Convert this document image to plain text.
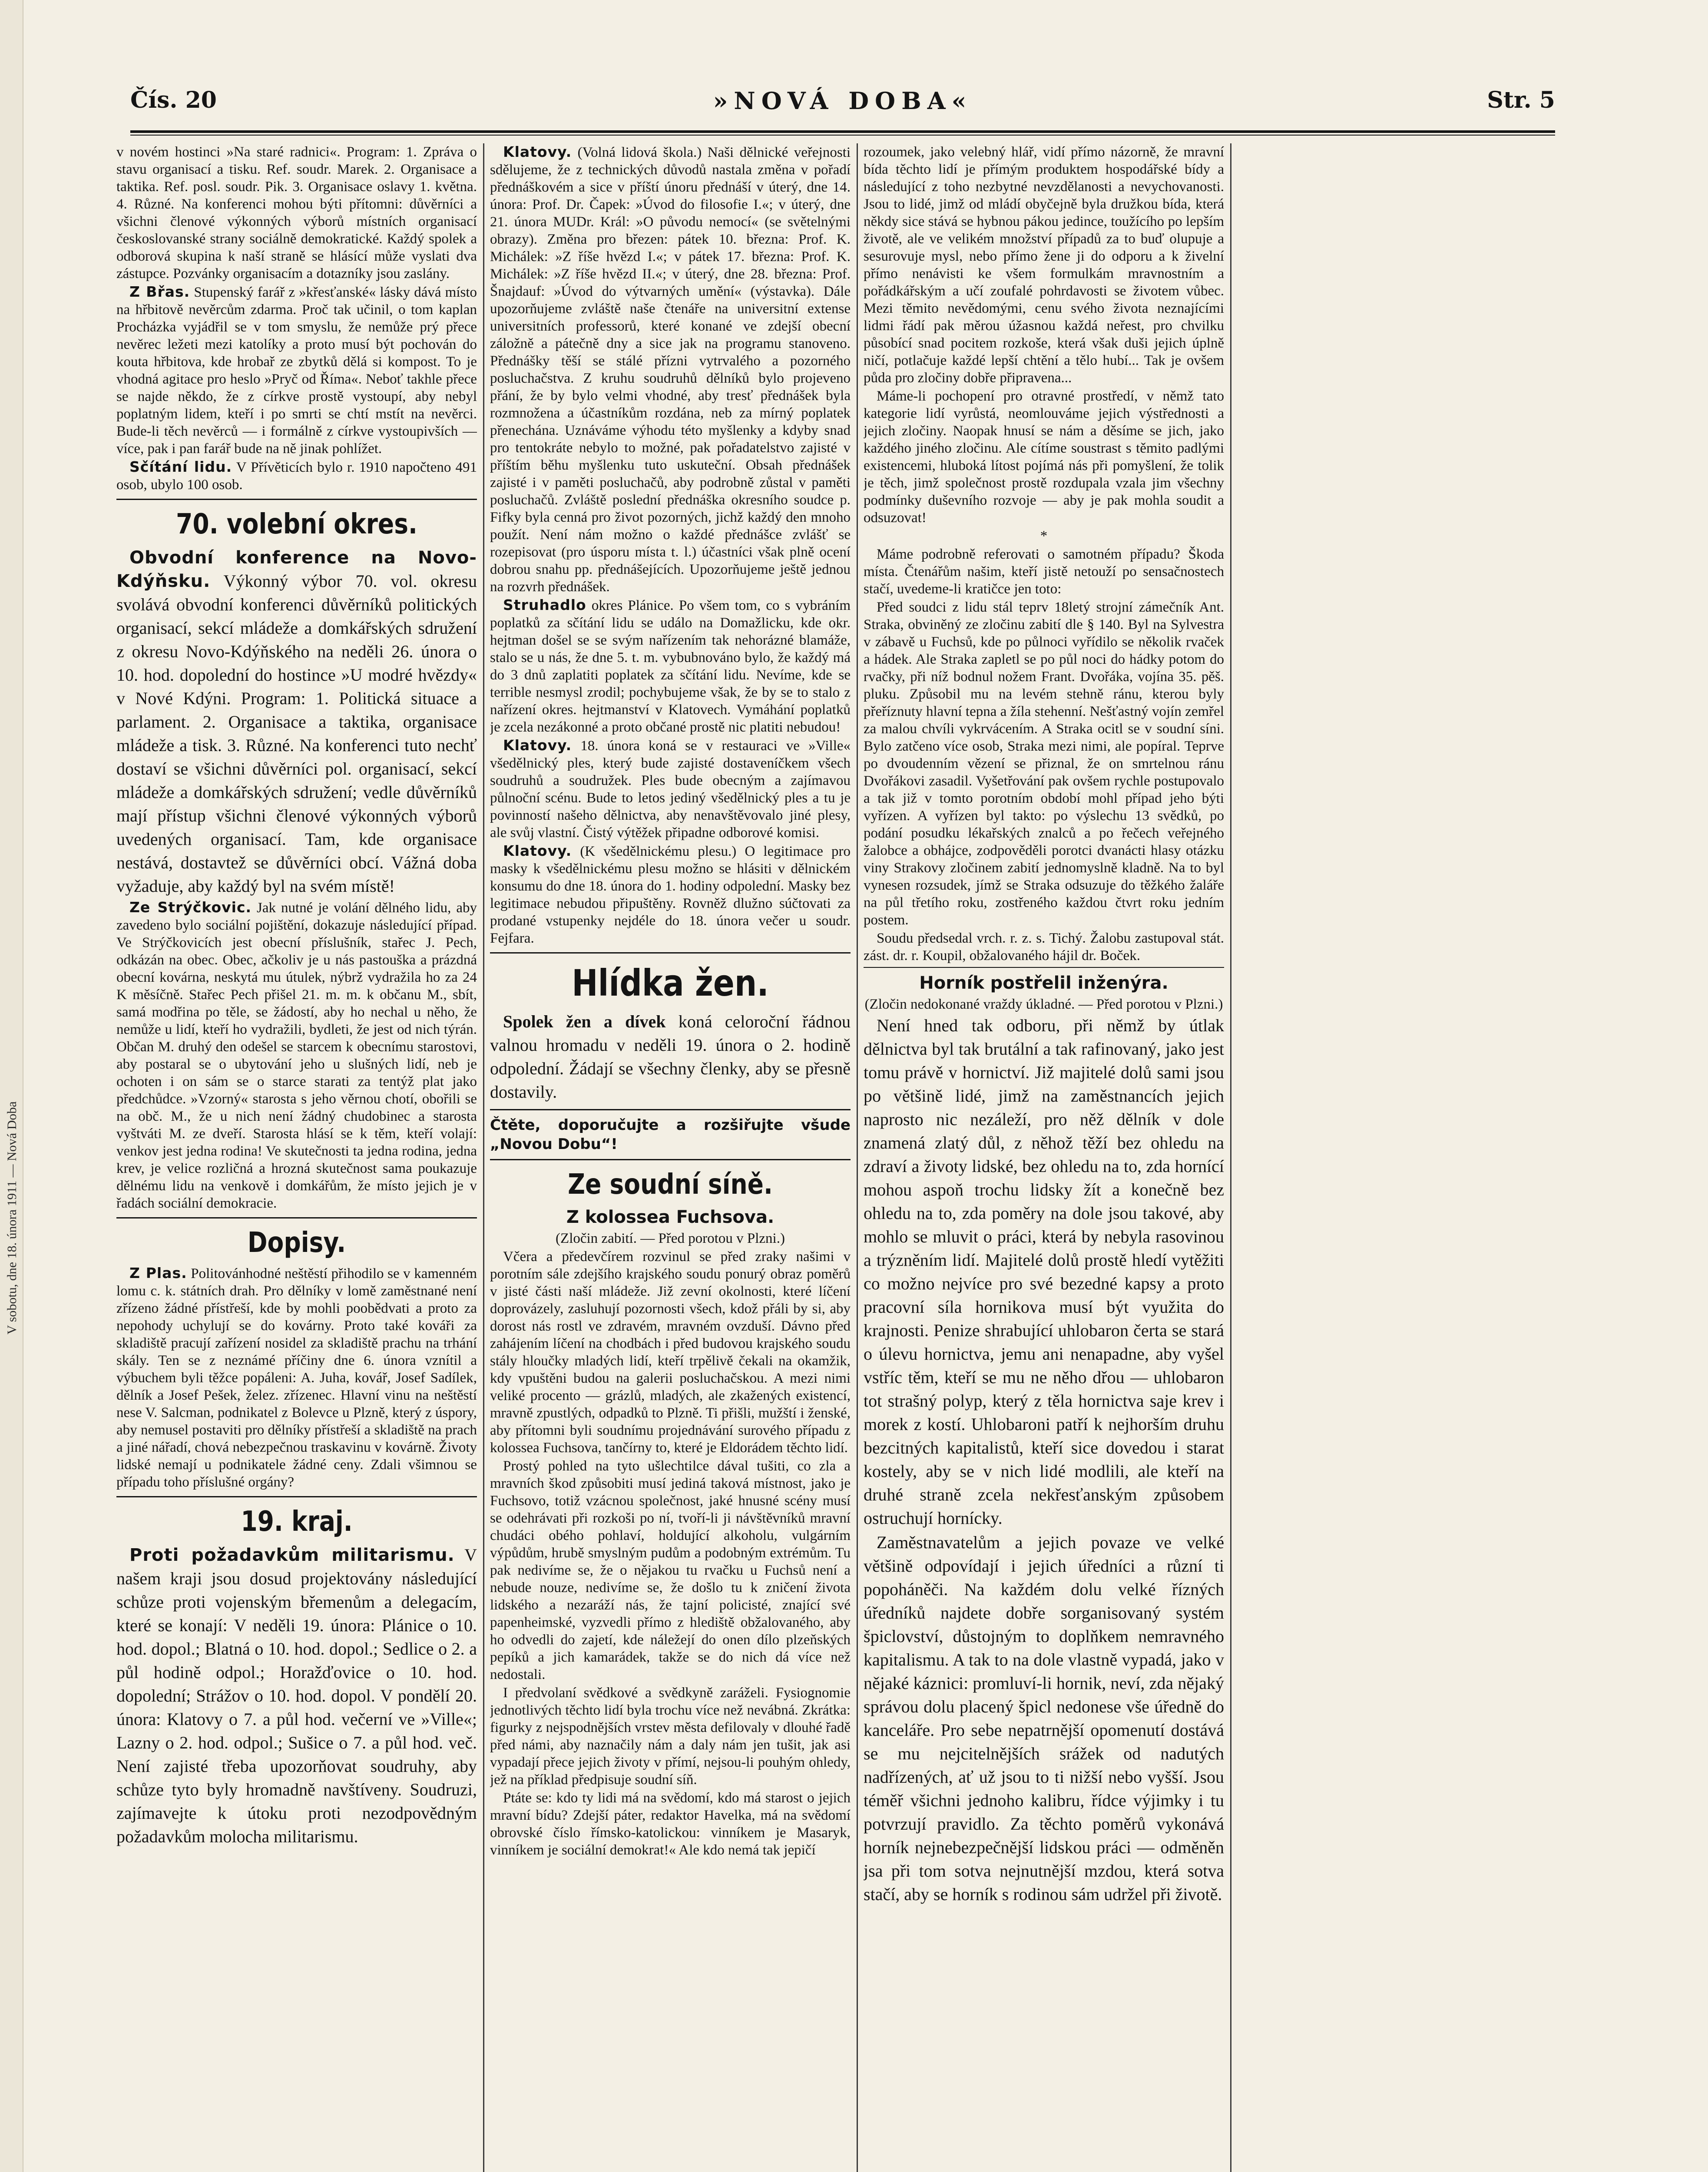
V sobotu, dne 18. února 1911 — Nová Doba
Čís. 20	»NOVÁ DOBA«	Str. 5

v novém hostinci »Na staré radnici«. Program: 1. Zpráva o stavu organisací a tisku. Ref. soudr. Marek. 2. Organisace a taktika. Ref. posl. soudr. Pik. 3. Organisace oslavy 1. května. 4. Různé. Na konferenci mohou býti přítomni: důvěrníci a všichni členové výkonných výborů místních organisací českoslovanské strany sociálně demokratické. Každý spolek a odborová skupina k naší straně se hlásící může vyslati dva zástupce. Pozvánky organisacím a dotazníky jsou zaslány.

Z Břas. Stupenský farář z »křesťanské« lásky dává místo na hřbitově nevěrcům zdarma. Proč tak učinil, o tom kaplan Procházka vyjádřil se v tom smyslu, že nemůže prý přece nevěrec ležeti mezi katolíky a proto musí být pochován do kouta hřbitova, kde hrobař ze zbytků dělá si kompost. To je vhodná agitace pro heslo »Pryč od Říma«. Neboť takhle přece se najde někdo, že z církve prostě vystoupí, aby nebyl poplatným lidem, kteří i po smrti se chtí mstít na nevěrci. Bude-li těch nevěrců — i formálně z církve vystoupivších — více, pak i pan farář bude na ně jinak pohlížet.

Sčítání lidu. V Přívěticích bylo r. 1910 napočteno 491 osob, ubylo 100 osob.

70. volební okres.

Obvodní konference na Novo-Kdýňsku. Výkonný výbor 70. vol. okresu svolává obvodní konferenci důvěrníků politických organisací, sekcí mládeže a domkářských sdružení z okresu Novo-Kdýňského na neděli 26. února o 10. hod. dopolední do hostince »U modré hvězdy« v Nové Kdýni. Program: 1. Politická situace a parlament. 2. Organisace a taktika, organisace mládeže a tisk. 3. Různé. Na konferenci tuto nechť dostaví se všichni důvěrníci pol. organisací, sekcí mládeže a domkářských sdružení; vedle důvěrníků mají přístup všichni členové výkonných výborů uvedených organisací. Tam, kde organisace nestává, dostavtež se důvěrníci obcí. Vážná doba vyžaduje, aby každý byl na svém místě!

Ze Strýčkovic. Jak nutné je volání dělného lidu, aby zavedeno bylo sociální pojištění, dokazuje následující případ. Ve Strýčkovicích jest obecní příslušník, stařec J. Pech, odkázán na obec. Obec, ačkoliv je u nás pastouška a prázdná obecní kovárna, neskytá mu útulek, nýbrž vydražila ho za 24 K měsíčně. Stařec Pech přišel 21. m. m. k občanu M., sbít, samá modřina po těle, se žádostí, aby ho nechal u něho, že nemůže u lidí, kteří ho vydražili, bydleti, že jest od nich týrán. Občan M. druhý den odešel se starcem k obecnímu starostovi, aby postaral se o ubytování jeho u slušných lidí, neb je ochoten i on sám se o starce starati za tentýž plat jako předchůdce. »Vzorný« starosta s jeho věrnou chotí, obořili se na obč. M., že u nich není žádný chudobinec a starosta vyštváti M. ze dveří. Starosta hlásí se k těm, kteří volají: venkov jest jedna rodina! Ve skutečnosti ta jedna rodina, jedna krev, je velice rozličná a hrozná skutečnost sama poukazuje dělnému lidu na venkově i domkářům, že místo jejich je v řadách sociální demokracie.

Dopisy.

Z Plas. Politovánhodné neštěstí přihodilo se v kamenném lomu c. k. státních drah. Pro dělníky v lomě zaměstnané není zřízeno žádné přístřeší, kde by mohli poobědvati a proto za nepohody uchylují se do kovárny. Proto také kováři za skladiště pracují zařízení nosidel za skladiště prachu na trhání skály. Ten se z neznámé příčiny dne 6. února vznítil a výbuchem byli těžce popáleni: A. Juha, kovář, Josef Sadílek, dělník a Josef Pešek, želez. zřízenec. Hlavní vinu na neštěstí nese V. Salcman, podnikatel z Bolevce u Plzně, který z úspory, aby nemusel postaviti pro dělníky přístřeší a skladiště na prach a jiné nářadí, chová nebezpečnou traskavinu v kovárně. Životy lidské nemají u podnikatele žádné ceny. Zdali všimnou se případu toho příslušné orgány?

19. kraj.

Proti požadavkům militarismu. V našem kraji jsou dosud projektovány následující schůze proti vojenským břemenům a delegacím, které se konají: V neděli 19. února: Plánice o 10. hod. dopol.; Blatná o 10. hod. dopol.; Sedlice o 2. a půl hodině odpol.; Horažďovice o 10. hod. dopolední; Strážov o 10. hod. dopol. V pondělí 20. února: Klatovy o 7. a půl hod. večerní ve »Ville«; Lazny o 2. hod. odpol.; Sušice o 7. a půl hod. več. Není zajisté třeba upozorňovat soudruhy, aby schůze tyto byly hromadně navštíveny. Soudruzi, zajímavejte k útoku proti nezodpovědným požadavkům molocha militarismu.

Klatovy. (Volná lidová škola.) Naši dělnické veřejnosti sdělujeme, že z technických důvodů nastala změna v pořadí přednáškovém a sice v příští únoru přednáší v úterý, dne 14. února: Prof. Dr. Čapek: »Úvod do filosofie I.«; v úterý, dne 21. února MUDr. Král: »O původu nemocí« (se světelnými obrazy). Změna pro březen: pátek 10. března: Prof. K. Michálek: »Z říše hvězd I.«; v pátek 17. března: Prof. K. Michálek: »Z říše hvězd II.«; v úterý, dne 28. března: Prof. Šnajdauf: »Úvod do výtvarných umění« (výstavka). Dále upozorňujeme zvláště naše čtenáře na universitní extense universitních professorů, které konané ve zdejší obecní záložně a pátečně dny a sice jak na programu stanoveno. Přednášky těší se stálé přízni vytrvalého a pozorného posluchačstva. Z kruhu soudruhů dělníků bylo projeveno přání, že by bylo velmi vhodné, aby tresť přednášek byla rozmnožena a účastníkům rozdána, neb za mírný poplatek přenechána. Uznáváme výhodu této myšlenky a kdyby snad pro tentokráte nebylo to možné, pak pořadatelstvo zajisté v příštím běhu myšlenku tuto uskuteční. Obsah přednášek zajisté i v paměti posluchačů, aby podrobně zůstal v paměti posluchačů. Zvláště poslední přednáška okresního soudce p. Fifky byla cenná pro život pozorných, jichž každý den mnoho použít. Není nám možno o každé přednášce zvlášť se rozepisovat (pro úsporu místa t. l.) účastníci však plně ocení dobrou snahu pp. přednášejících. Upozorňujeme ještě jednou na rozvrh přednášek.

Struhadlo okres Plánice. Po všem tom, co s vybráním poplatků za sčítání lidu se událo na Domažlicku, kde okr. hejtman došel se se svým nařízením tak nehorázné blamáže, stalo se u nás, že dne 5. t. m. vybubnováno bylo, že každý má do 3 dnů zaplatiti poplatek za sčítání lidu. Nevíme, kde se terrible nesmysl zrodil; pochybujeme však, že by se to stalo z nařízení okres. hejtmanství v Klatovech. Vymáhání poplatků je zcela nezákonné a proto občané prostě nic platiti nebudou!

Klatovy. 18. února koná se v restauraci ve »Ville« všedělnický ples, který bude zajisté dostaveníčkem všech soudruhů a soudružek. Ples bude obecným a zajímavou půlnoční scénu. Bude to letos jediný všedělnický ples a tu je povinností našeho dělnictva, aby nenavštěvovalo jiné plesy, ale svůj vlastní. Čistý výtěžek připadne odborové komisi.

Klatovy. (K všedělnickému plesu.) O legitimace pro masky k všedělnickému plesu možno se hlásiti v dělnickém konsumu do dne 18. února do 1. hodiny odpolední. Masky bez legitimace nebudou připuštěny. Rovněž dlužno súčtovati za prodané vstupenky nejdéle do 18. února večer u soudr. Fejfara.

Hlídka žen.

Spolek žen a dívek koná celoroční řádnou valnou hromadu v neděli 19. února o 2. hodině odpolední. Žádají se všechny členky, aby se přesně dostavily.

Čtěte, doporučujte a rozšiřujte všude „Novou Dobu“!
Ze soudní síně.
Z kolossea Fuchsova.

(Zločin zabití. — Před porotou v Plzni.)

Včera a předevčírem rozvinul se před zraky našimi v porotním sále zdejšího krajského soudu ponurý obraz poměrů v jisté části naší mládeže. Již zevní okolnosti, které líčení doprovázely, zasluhují pozornosti všech, kdož přáli by si, aby dorost nás rostl ve zdravém, mravném ovzduší. Dávno před zahájením líčení na chodbách i před budovou krajského soudu stály hloučky mladých lidí, kteří trpělivě čekali na okamžik, kdy vpuštěni budou na galerii posluchačskou. A mezi nimi veliké procento — grázlů, mladých, ale zkažených existencí, mravně zpustlých, odpadků to Plzně. Ti přišli, mužští i ženské, aby přítomni byli soudnímu projednávání surového případu z kolossea Fuchsova, tančírny to, které je Eldorádem těchto lidí.

Prostý pohled na tyto ušlechtilce dával tušiti, co zla a mravních škod způsobiti musí jediná taková místnost, jako je Fuchsovo, totiž vzácnou společnost, jaké hnusné scény musí se odehrávati při rozkoši po ní, tvoří-li ji návštěvníků mravní chudáci obého pohlaví, holdující alkoholu, vulgárním výpůdům, hrubě smyslným pudům a podobným extrémům. Tu pak nedivíme se, že o nějakou tu rvačku u Fuchsů není a nebude nouze, nedivíme se, že došlo tu k zničení života lidského a nezaráží nás, že tajní policisté, znající své papenheimské, vyzvedli přímo z hlediště obžalovaného, aby ho odvedli do zajetí, kde náležejí do onen dílo plzeňských pepíků a jich kamarádek, takže se do nich dá více než nedostali.

I předvolaní svědkové a svědkyně zaráželi. Fysiognomie jednotlivých těchto lidí byla trochu více než nevábná. Zkrátka: figurky z nejspodnějších vrstev města defilovaly v dlouhé řadě před námi, aby naznačily nám a daly nám jen tušit, jak asi vypadají přece jejich životy v přímí, nejsou-li pouhým ohledy, jež na příklad předpisuje soudní síň.

Ptáte se: kdo ty lidi má na svědomí, kdo má starost o jejich mravní bídu? Zdejší páter, redaktor Havelka, má na svědomí obrovské číslo římsko-katolickou: vinníkem je Masaryk, vinníkem je sociální demokrat!« Ale kdo nemá tak jepičí

rozoumek, jako velebný hlář, vidí přímo názorně, že mravní bída těchto lidí je přímým produktem hospodářské bídy a následující z toho nezbytné nevzdělanosti a nevychovanosti. Jsou to lidé, jimž od mládí obyčejně byla družkou bída, která někdy sice stává se hybnou pákou jedince, toužícího po lepším životě, ale ve velikém množství případů za to buď olupuje a sesurovuje mysl, nebo přímo žene ji do odporu a k živelní přímo nenávisti ke všem formulkám mravnostním a pořádkářským a učí zoufalé pohrdavosti se životem vůbec. Mezi těmito nevědomými, cenu svého života neznajícími lidmi řádí pak měrou úžasnou každá neřest, pro chvilku působící snad pocitem rozkoše, která však duši jejich úplně ničí, potlačuje každé lepší chtění a tělo hubí... Tak je ovšem půda pro zločiny dobře připravena...

Máme-li pochopení pro otravné prostředí, v němž tato kategorie lidí vyrůstá, neomlouváme jejich výstřednosti a jejich zločiny. Naopak hnusí se nám a děsíme se jich, jako každého jiného zločinu. Ale cítíme soustrast s těmito padlými existencemi, hluboká lítost pojímá nás při pomyšlení, že tolik je těch, jimž společnost prostě rozdupala vzala jim všechny podmínky duševního rozvoje — aby je pak mohla soudit a odsuzovat!

*

Máme podrobně referovati o samotném případu? Škoda místa. Čtenářům našim, kteří jistě netouží po sensačnostech stačí, uvedeme-li kratičce jen toto:

Před soudci z lidu stál teprv 18letý strojní zámečník Ant. Straka, obviněný ze zločinu zabití dle § 140. Byl na Sylvestra v zábavě u Fuchsů, kde po půlnoci vyřídilo se několik rvaček a hádek. Ale Straka zapletl se po půl noci do hádky potom do rvačky, při níž bodnul nožem Frant. Dvořáka, vojína 35. pěš. pluku. Způsobil mu na levém stehně ránu, kterou byly přeříznuty hlavní tepna a žíla stehenní. Nešťastný vojín zemřel za malou chvíli vykrvácením. A Straka ocitl se v soudní síni. Bylo zatčeno více osob, Straka mezi nimi, ale popíral. Teprve po dvoudenním vězení se přiznal, že on smrtelnou ránu Dvořákovi zasadil. Vyšetřování pak ovšem rychle postupovalo a tak již v tomto porotním období mohl případ jeho býti vyřízen. A vyřízen byl takto: po výslechu 13 svědků, po podání posudku lékařských znalců a po řečech veřejného žalobce a obhájce, zodpověděli porotci dvanácti hlasy otázku viny Strakovy zločinem zabití jednomyslně kladně. Na to byl vynesen rozsudek, jímž se Straka odsuzuje do těžkého žaláře na půl třetího roku, zostřeného každou čtvrt roku jedním postem.

Soudu předsedal vrch. r. z. s. Tichý. Žalobu zastupoval stát. zást. dr. r. Koupil, obžalovaného hájil dr. Boček.

Horník postřelil inženýra.

(Zločin nedokonané vraždy úkladné. — Před porotou v Plzni.)

Není hned tak odboru, při němž by útlak dělnictva byl tak brutální a tak rafinovaný, jako jest tomu právě v hornictví. Již majitelé dolů sami jsou po většině lidé, jimž na zaměstnancích jejich naprosto nic nezáleží, pro něž dělník v dole znamená zlatý důl, z něhož těží bez ohledu na zdraví a životy lidské, bez ohledu na to, zda hornící mohou aspoň trochu lidsky žít a konečně bez ohledu na to, zda poměry na dole jsou takové, aby mohlo se mluvit o práci, která by nebyla rasovinou a trýzněním lidí. Majitelé dolů prostě hledí vytěžiti co možno nejvíce pro své bezedné kapsy a proto pracovní síla hornikova musí být využita do krajnosti. Penize shrabující uhlobaron čerta se stará o úlevu hornictva, jemu ani nenapadne, aby vyšel vstříc těm, kteří se mu ne něho dřou — uhlobaron tot strašný polyp, který z těla hornictva saje krev i morek z kostí. Uhlobaroni patří k nejhorším druhu bezcitných kapitalistů, kteří sice dovedou i starat kostely, aby se v nich lidé modlili, ale kteří na druhé straně zcela nekřesťanským způsobem ostruchují hornícky.

Zaměstnavatelům a jejich povaze ve velké většině odpovídají i jejich úředníci a různí ti popoháněči. Na každém dolu velké řízných úředníků najdete dobře sorganisovaný systém špiclovství, důstojným to doplňkem nemravného kapitalismu. A tak to na dole vlastně vypadá, jako v nějaké káznici: promluví-li hornik, neví, zda nějaký správou dolu placený špicl nedonese vše úředně do kanceláře. Pro sebe nepatrnější opomenutí dostává se mu nejcitelnějších srážek od nadutých nadřízených, ať už jsou to ti nižší nebo vyšší. Jsou téměř všichni jednoho kalibru, řídce výjimky i tu potvrzují pravidlo. Za těchto poměrů vykonává horník nejnebezpečnější lidskou práci — odměněn jsa při tom sotva nejnutnější mzdou, která sotva stačí, aby se horník s rodinou sám udržel při životě.
